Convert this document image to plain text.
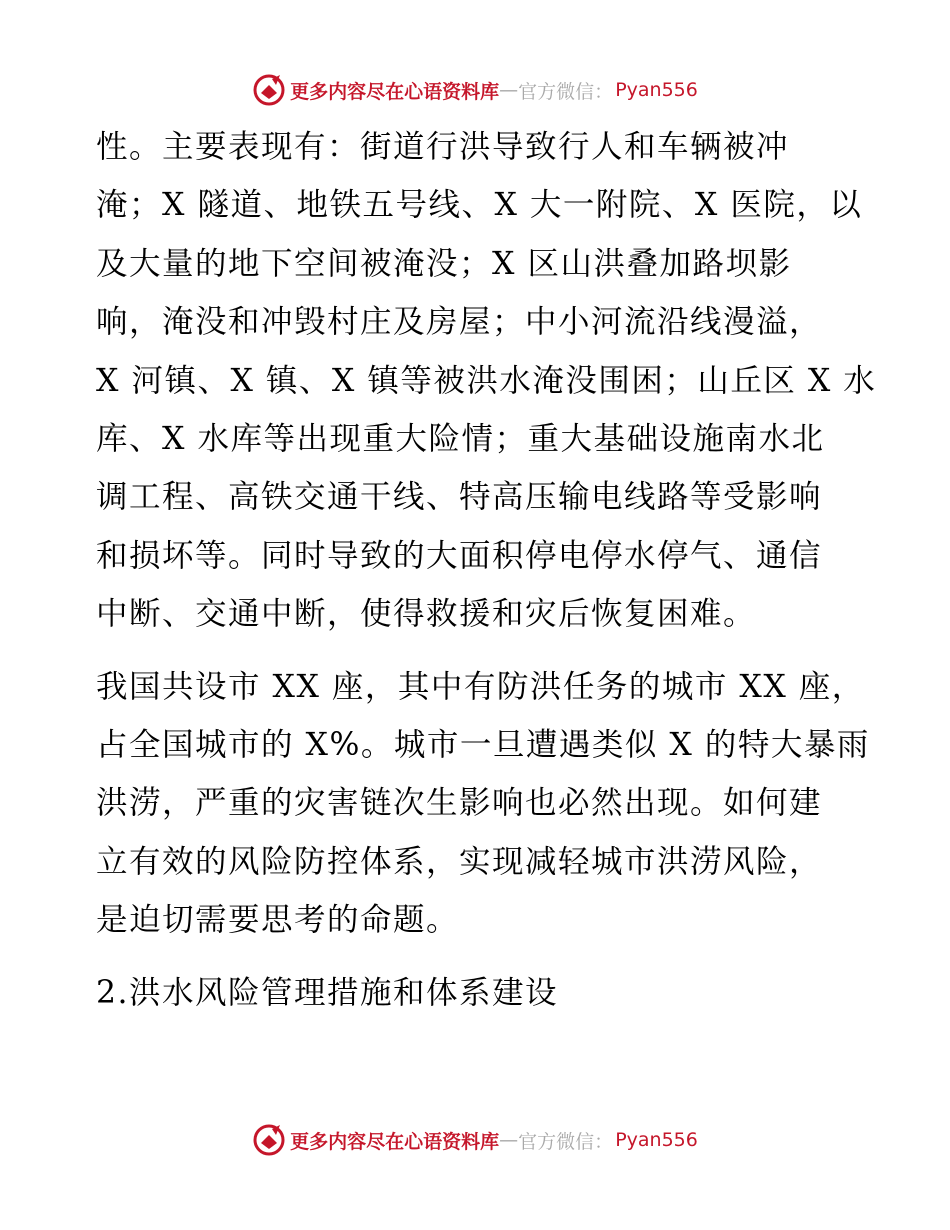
更多内容尽在心语资料库 — 官方微信： Pyan556

性。主要表现有：街道行洪导致行人和车辆被冲
淹；X 隧道、地铁五号线、X 大一附院、X 医院，以
及大量的地下空间被淹没；X 区山洪叠加路坝影
响，淹没和冲毁村庄及房屋；中小河流沿线漫溢，
X 河镇、X 镇、X 镇等被洪水淹没围困；山丘区 X 水
库、X 水库等出现重大险情；重大基础设施南水北
调工程、高铁交通干线、特高压输电线路等受影响
和损坏等。同时导致的大面积停电停水停气、通信
中断、交通中断，使得救援和灾后恢复困难。

我国共设市 XX 座，其中有防洪任务的城市 XX 座，
占全国城市的 X%。城市一旦遭遇类似 X 的特大暴雨
洪涝，严重的灾害链次生影响也必然出现。如何建
立有效的风险防控体系，实现减轻城市洪涝风险，
是迫切需要思考的命题。

2.洪水风险管理措施和体系建设

更多内容尽在心语资料库 — 官方微信： Pyan556
